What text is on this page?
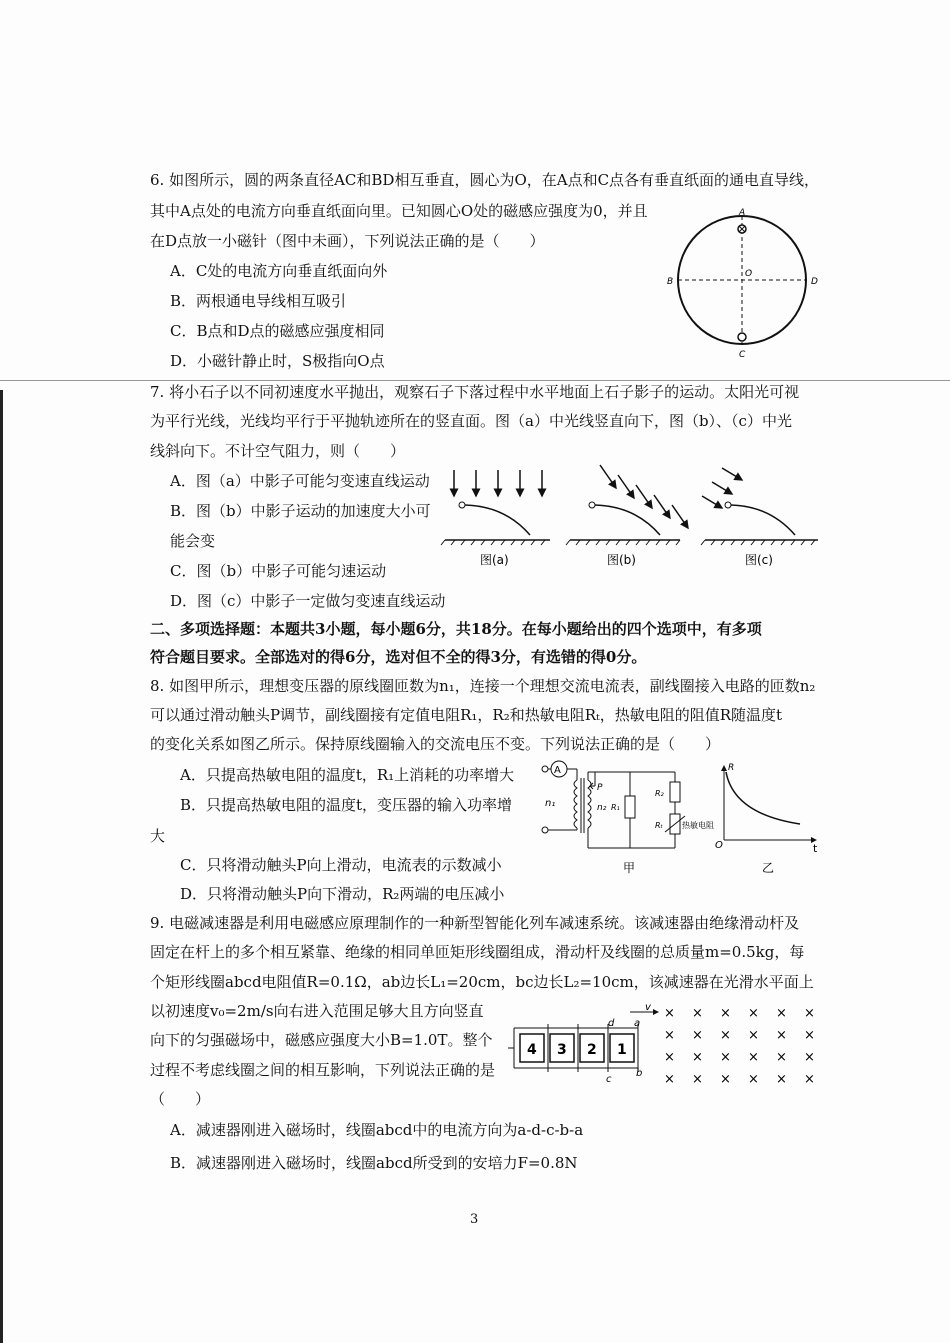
6. 如图所示，圆的两条直径AC和BD相互垂直，圆心为O，在A点和C点各有垂直纸面的通电直导线，
其中A点处的电流方向垂直纸面向里。已知圆心O处的磁感应强度为0，并且
在D点放一小磁针（图中未画），下列说法正确的是（　　）
A．C处的电流方向垂直纸面向外
B．两根通电导线相互吸引
C．B点和D点的磁感应强度相同
D．小磁针静止时，S极指向O点
A
C
B	D
O
7. 将小石子以不同初速度水平抛出，观察石子下落过程中水平地面上石子影子的运动。太阳光可视
为平行光线，光线均平行于平抛轨迹所在的竖直面。图（a）中光线竖直向下，图（b）、（c）中光
线斜向下。不计空气阻力，则（　　）
A．图（a）中影子可能匀变速直线运动
B．图（b）中影子运动的加速度大小可
能会变
C．图（b）中影子可能匀速运动
D．图（c）中影子一定做匀变速直线运动
图(a)	图(b)	图(c)
二、多项选择题：本题共3小题，每小题6分，共18分。在每小题给出的四个选项中，有多项
符合题目要求。全部选对的得6分，选对但不全的得3分，有选错的得0分。
8. 如图甲所示，理想变压器的原线圈匝数为n₁，连接一个理想交流电流表，副线圈接入电路的匝数n₂
可以通过滑动触头P调节，副线圈接有定值电阻R₁，R₂和热敏电阻Rₜ，热敏电阻的阻值R随温度t
的变化关系如图乙所示。保持原线圈输入的交流电压不变。下列说法正确的是（　　）
A．只提高热敏电阻的温度t，R₁上消耗的功率增大
B．只提高热敏电阻的温度t，变压器的输入功率增
大
C．只将滑动触头P向上滑动，电流表的示数减小
D．只将滑动触头P向下滑动，R₂两端的电压减小
A
n₁
P
n₂ R₁
R₂
Rₜ 热敏电阻
甲
R
t
O
乙
9. 电磁减速器是利用电磁感应原理制作的一种新型智能化列车减速系统。该减速器由绝缘滑动杆及
固定在杆上的多个相互紧靠、绝缘的相同单匝矩形线圈组成，滑动杆及线圈的总质量m=0.5kg，每
个矩形线圈abcd电阻值R=0.1Ω，ab边长L₁=20cm，bc边长L₂=10cm，该减速器在光滑水平面上
以初速度v₀=2m/s向右进入范围足够大且方向竖直
向下的匀强磁场中，磁感应强度大小B=1.0T。整个
过程不考虑线圈之间的相互影响，下列说法正确的是
（　　）
A．减速器刚进入磁场时，线圈abcd中的电流方向为a-d-c-b-a
B．减速器刚进入磁场时，线圈abcd所受到的安培力F=0.8N
4 3 2 1
v
d a
c
b
× × × × × ×
× × × × × ×
× × × × × ×
× × × × × ×
3
